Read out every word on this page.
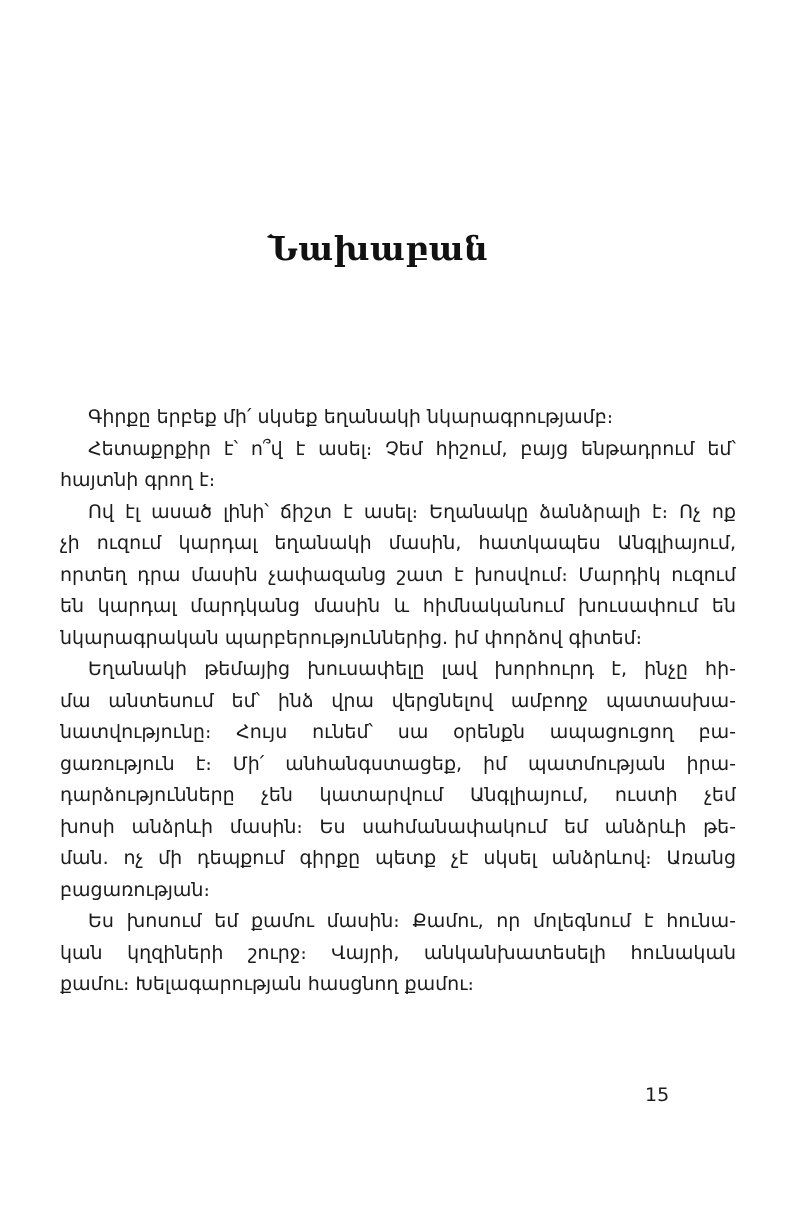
Նախաբան
Գիրքը երբեք մի՛ սկսեք եղանակի նկարագրությամբ։
Հետաքրքիր է՝ ո՞վ է ասել։ Չեմ հիշում, բայց ենթադրում եմ՝
հայտնի գրող է։
Ով էլ ասած լինի՝ ճիշտ է ասել։ Եղանակը ձանձրալի է։ Ոչ ոք
չի ուզում կարդալ եղանակի մասին, հատկապես Անգլիայում,
որտեղ դրա մասին չափազանց շատ է խոսվում։ Մարդիկ ուզում
են կարդալ մարդկանց մասին և հիմնականում խուսափում են
նկարագրական պարբերություններից. իմ փորձով գիտեմ։
Եղանակի թեմայից խուսափելը լավ խորհուրդ է, ինչը հի-
մա անտեսում եմ՝ ինձ վրա վերցնելով ամբողջ պատասխա-
նատվությունը։ Հույս ունեմ՝ սա օրենքն ապացուցող բա-
ցառություն է։ Մի՛ անհանգստացեք, իմ պատմության իրա-
դարձությունները չեն կատարվում Անգլիայում, ուստի չեմ
խոսի անձրևի մասին։ Ես սահմանափակում եմ անձրևի թե-
ման. ոչ մի դեպքում գիրքը պետք չէ սկսել անձրևով։ Առանց
բացառության։
Ես խոսում եմ քամու մասին։ Քամու, որ մոլեգնում է հունա-
կան կղզիների շուրջ։ Վայրի, անկանխատեսելի հունական
քամու։ Խելագարության հասցնող քամու։
15
